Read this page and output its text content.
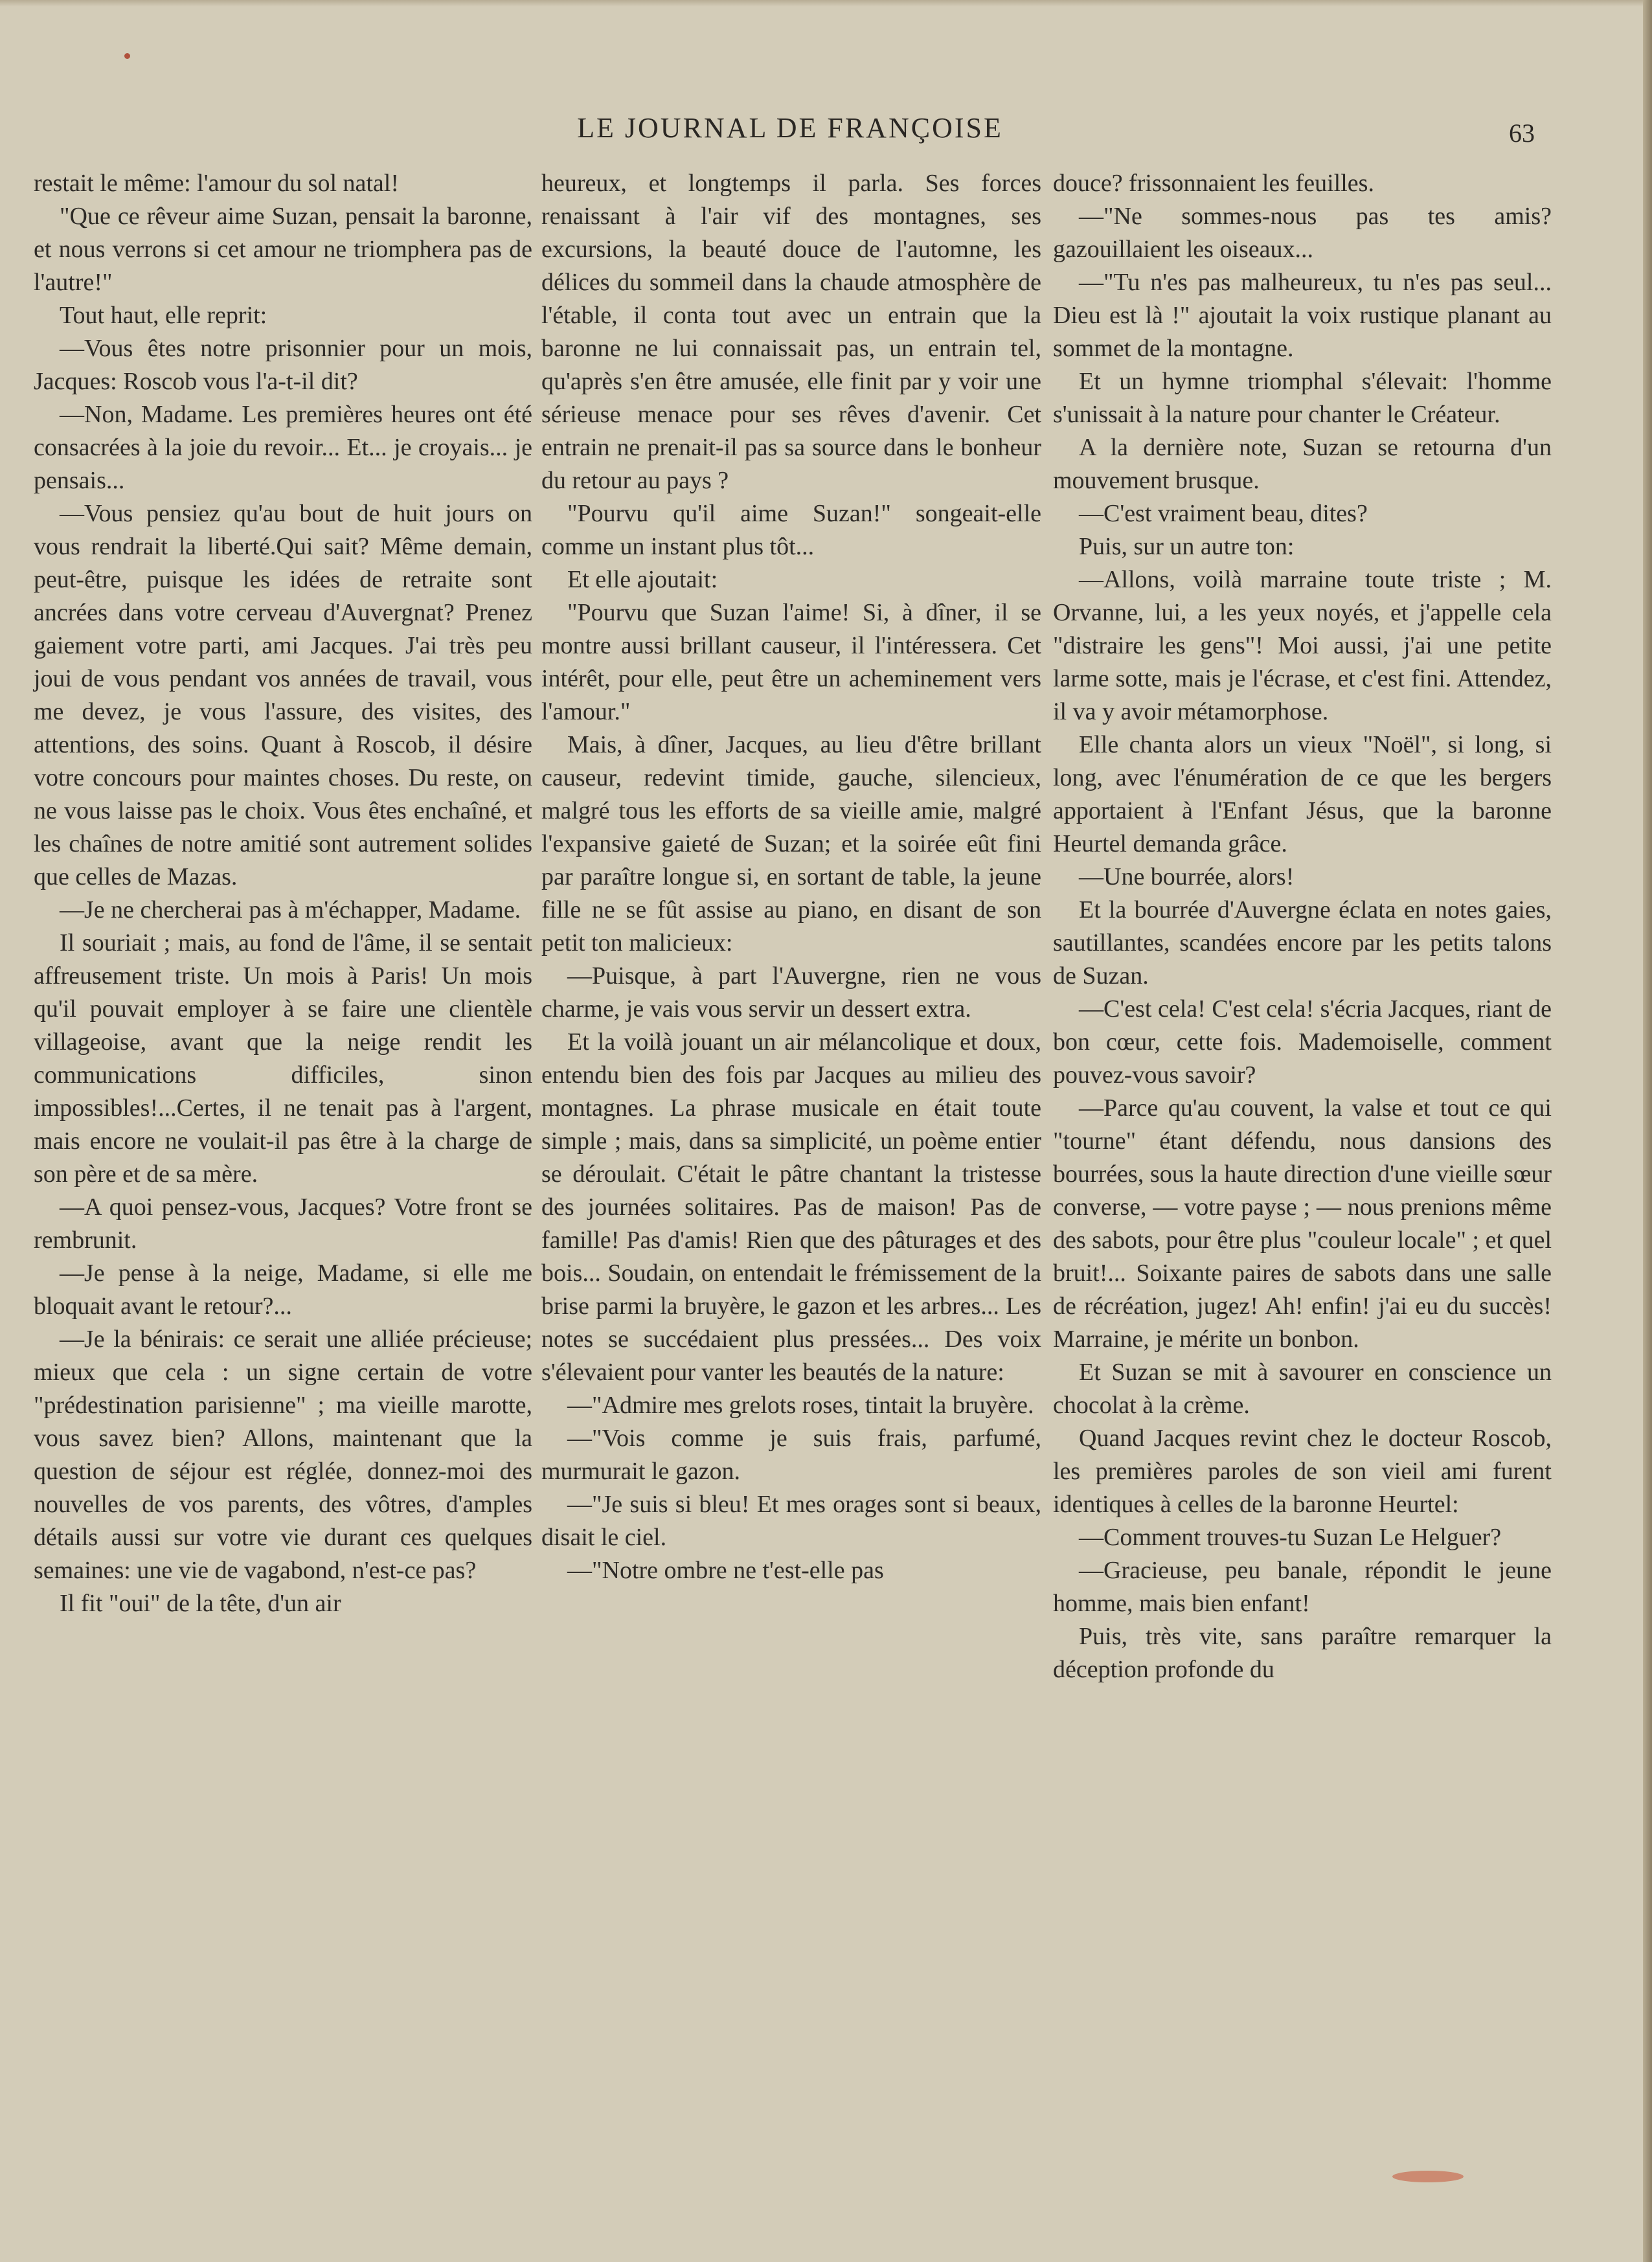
LE JOURNAL DE FRANÇOISE	63

restait le même: l'amour du sol natal!

"Que ce rêveur aime Suzan, pensait la baronne, et nous verrons si cet amour ne triomphera pas de l'autre!"

Tout haut, elle reprit:

—Vous êtes notre prisonnier pour un mois, Jacques: Roscob vous l'a-t-il dit?

—Non, Madame. Les premières heures ont été consacrées à la joie du revoir... Et... je croyais... je pensais...

—Vous pensiez qu'au bout de huit jours on vous rendrait la liberté.Qui sait? Même demain, peut-être, puisque les idées de retraite sont ancrées dans votre cerveau d'Auvergnat? Prenez gaiement votre parti, ami Jacques. J'ai très peu joui de vous pendant vos années de travail, vous me devez, je vous l'assure, des visites, des attentions, des soins. Quant à Roscob, il désire votre concours pour maintes choses. Du reste, on ne vous laisse pas le choix. Vous êtes enchaîné, et les chaînes de notre amitié sont autrement solides que celles de Mazas.

—Je ne chercherai pas à m'échapper, Madame.

Il souriait ; mais, au fond de l'âme, il se sentait affreusement triste. Un mois à Paris! Un mois qu'il pouvait employer à se faire une clientèle villageoise, avant que la neige rendit les communications difficiles, sinon impossibles!...Certes, il ne tenait pas à l'argent, mais encore ne voulait-il pas être à la charge de son père et de sa mère.

—A quoi pensez-vous, Jacques? Votre front se rembrunit.

—Je pense à la neige, Madame, si elle me bloquait avant le retour?...

—Je la bénirais: ce serait une alliée précieuse; mieux que cela : un signe certain de votre "prédestination parisienne" ; ma vieille marotte, vous savez bien? Allons, maintenant que la question de séjour est réglée, donnez-moi des nouvelles de vos parents, des vôtres, d'amples détails aussi sur votre vie durant ces quelques semaines: une vie de vagabond, n'est-ce pas?

Il fit "oui" de la tête, d'un air

heureux, et longtemps il parla. Ses forces renaissant à l'air vif des montagnes, ses excursions, la beauté douce de l'automne, les délices du sommeil dans la chaude atmosphère de l'étable, il conta tout avec un entrain que la baronne ne lui connaissait pas, un entrain tel, qu'après s'en être amusée, elle finit par y voir une sérieuse menace pour ses rêves d'avenir. Cet entrain ne prenait-il pas sa source dans le bonheur du retour au pays ?

"Pourvu qu'il aime Suzan!" songeait-elle comme un instant plus tôt...

Et elle ajoutait:

"Pourvu que Suzan l'aime! Si, à dîner, il se montre aussi brillant causeur, il l'intéressera. Cet intérêt, pour elle, peut être un acheminement vers l'amour."

Mais, à dîner, Jacques, au lieu d'être brillant causeur, redevint timide, gauche, silencieux, malgré tous les efforts de sa vieille amie, malgré l'expansive gaieté de Suzan; et la soirée eût fini par paraître longue si, en sortant de table, la jeune fille ne se fût assise au piano, en disant de son petit ton malicieux:

—Puisque, à part l'Auvergne, rien ne vous charme, je vais vous servir un dessert extra.

Et la voilà jouant un air mélancolique et doux, entendu bien des fois par Jacques au milieu des montagnes. La phrase musicale en était toute simple ; mais, dans sa simplicité, un poème entier se déroulait. C'était le pâtre chantant la tristesse des journées solitaires. Pas de maison! Pas de famille! Pas d'amis! Rien que des pâturages et des bois... Soudain, on entendait le frémissement de la brise parmi la bruyère, le gazon et les arbres... Les notes se succédaient plus pressées... Des voix s'élevaient pour vanter les beautés de la nature:

—"Admire mes grelots roses, tintait la bruyère.

—"Vois comme je suis frais, parfumé, murmurait le gazon.

—"Je suis si bleu! Et mes orages sont si beaux, disait le ciel.

—"Notre ombre ne t'est-elle pas

douce? frissonnaient les feuilles.

—"Ne sommes-nous pas tes amis? gazouillaient les oiseaux...

—"Tu n'es pas malheureux, tu n'es pas seul... Dieu est là !" ajoutait la voix rustique planant au sommet de la montagne.

Et un hymne triomphal s'élevait: l'homme s'unissait à la nature pour chanter le Créateur.

A la dernière note, Suzan se retourna d'un mouvement brusque.

—C'est vraiment beau, dites?

Puis, sur un autre ton:

—Allons, voilà marraine toute triste ; M. Orvanne, lui, a les yeux noyés, et j'appelle cela "distraire les gens"! Moi aussi, j'ai une petite larme sotte, mais je l'écrase, et c'est fini. Attendez, il va y avoir métamorphose.

Elle chanta alors un vieux "Noël", si long, si long, avec l'énumération de ce que les bergers apportaient à l'Enfant Jésus, que la baronne Heurtel demanda grâce.

—Une bourrée, alors!

Et la bourrée d'Auvergne éclata en notes gaies, sautillantes, scandées encore par les petits talons de Suzan.

—C'est cela! C'est cela! s'écria Jacques, riant de bon cœur, cette fois. Mademoiselle, comment pouvez-vous savoir?

—Parce qu'au couvent, la valse et tout ce qui "tourne" étant défendu, nous dansions des bourrées, sous la haute direction d'une vieille sœur converse, — votre payse ; — nous prenions même des sabots, pour être plus "couleur locale" ; et quel bruit!... Soixante paires de sabots dans une salle de récréation, jugez! Ah! enfin! j'ai eu du succès! Marraine, je mérite un bonbon.

Et Suzan se mit à savourer en conscience un chocolat à la crème.

Quand Jacques revint chez le docteur Roscob, les premières paroles de son vieil ami furent identiques à celles de la baronne Heurtel:

—Comment trouves-tu Suzan Le Helguer?

—Gracieuse, peu banale, répondit le jeune homme, mais bien enfant!

Puis, très vite, sans paraître remarquer la déception profonde du
